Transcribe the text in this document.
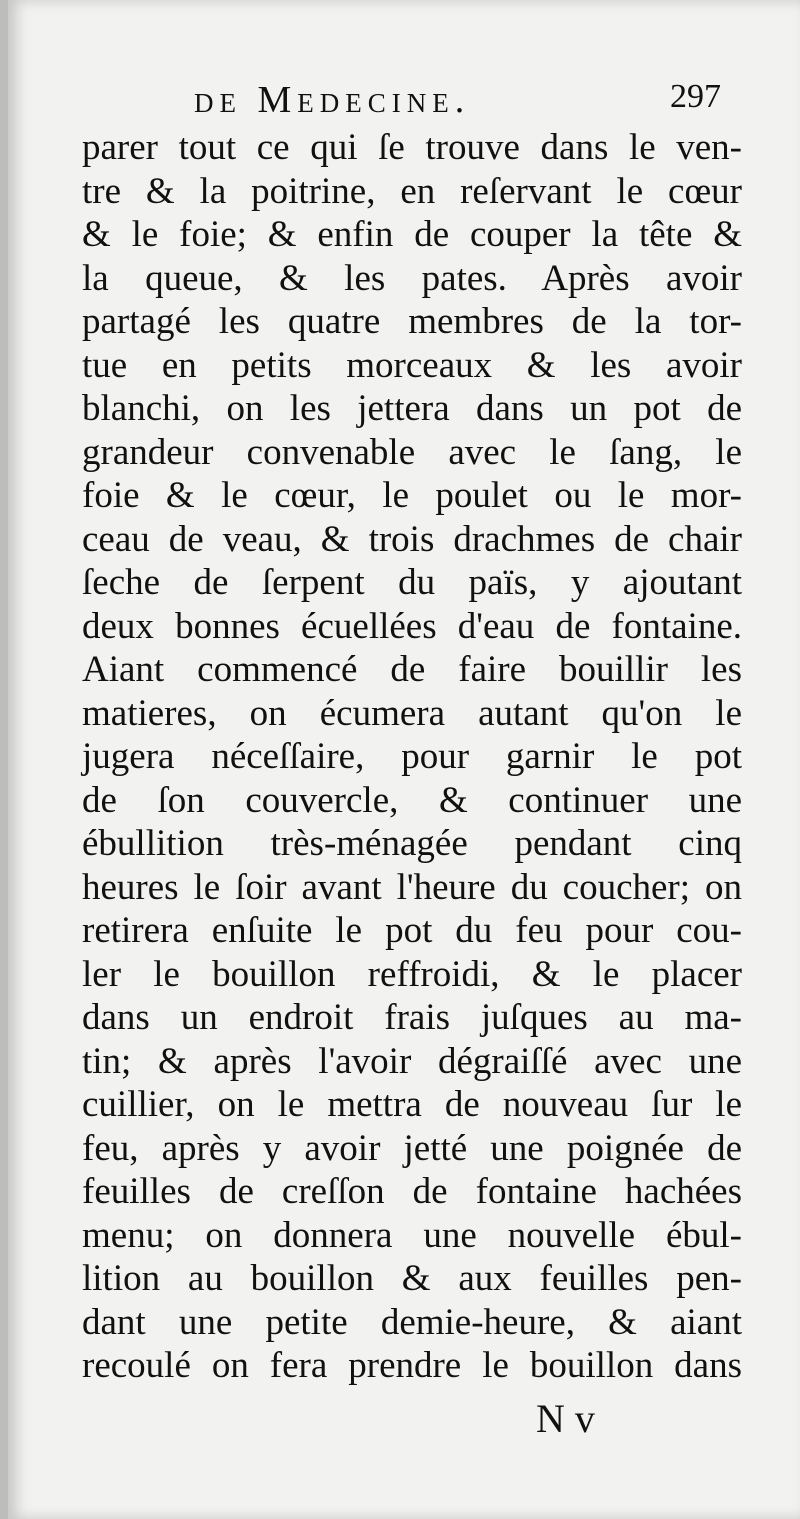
de Medecine.	297
parer tout ce qui ſe trouve dans le ven-
tre & la poitrine, en reſervant le cœur
& le foie; & enfin de couper la tête &
la queue, & les pates. Après avoir
partagé les quatre membres de la tor-
tue en petits morceaux & les avoir
blanchi, on les jettera dans un pot de
grandeur convenable avec le ſang, le
foie & le cœur, le poulet ou le mor-
ceau de veau, & trois drachmes de chair
ſeche de ſerpent du païs, y ajoutant
deux bonnes écuellées d'eau de fontaine.
Aiant commencé de faire bouillir les
matieres, on écumera autant qu'on le
jugera néceſſaire, pour garnir le pot
de ſon couvercle, & continuer une
ébullition très-ménagée pendant cinq
heures le ſoir avant l'heure du coucher; on
retirera enſuite le pot du feu pour cou-
ler le bouillon reffroidi, & le placer
dans un endroit frais juſques au ma-
tin; & après l'avoir dégraiſſé avec une
cuillier, on le mettra de nouveau ſur le
feu, après y avoir jetté une poignée de
feuilles de creſſon de fontaine hachées
menu; on donnera une nouvelle ébul-
lition au bouillon & aux feuilles pen-
dant une petite demie-heure, & aiant
recoulé on fera prendre le bouillon dans
N v
